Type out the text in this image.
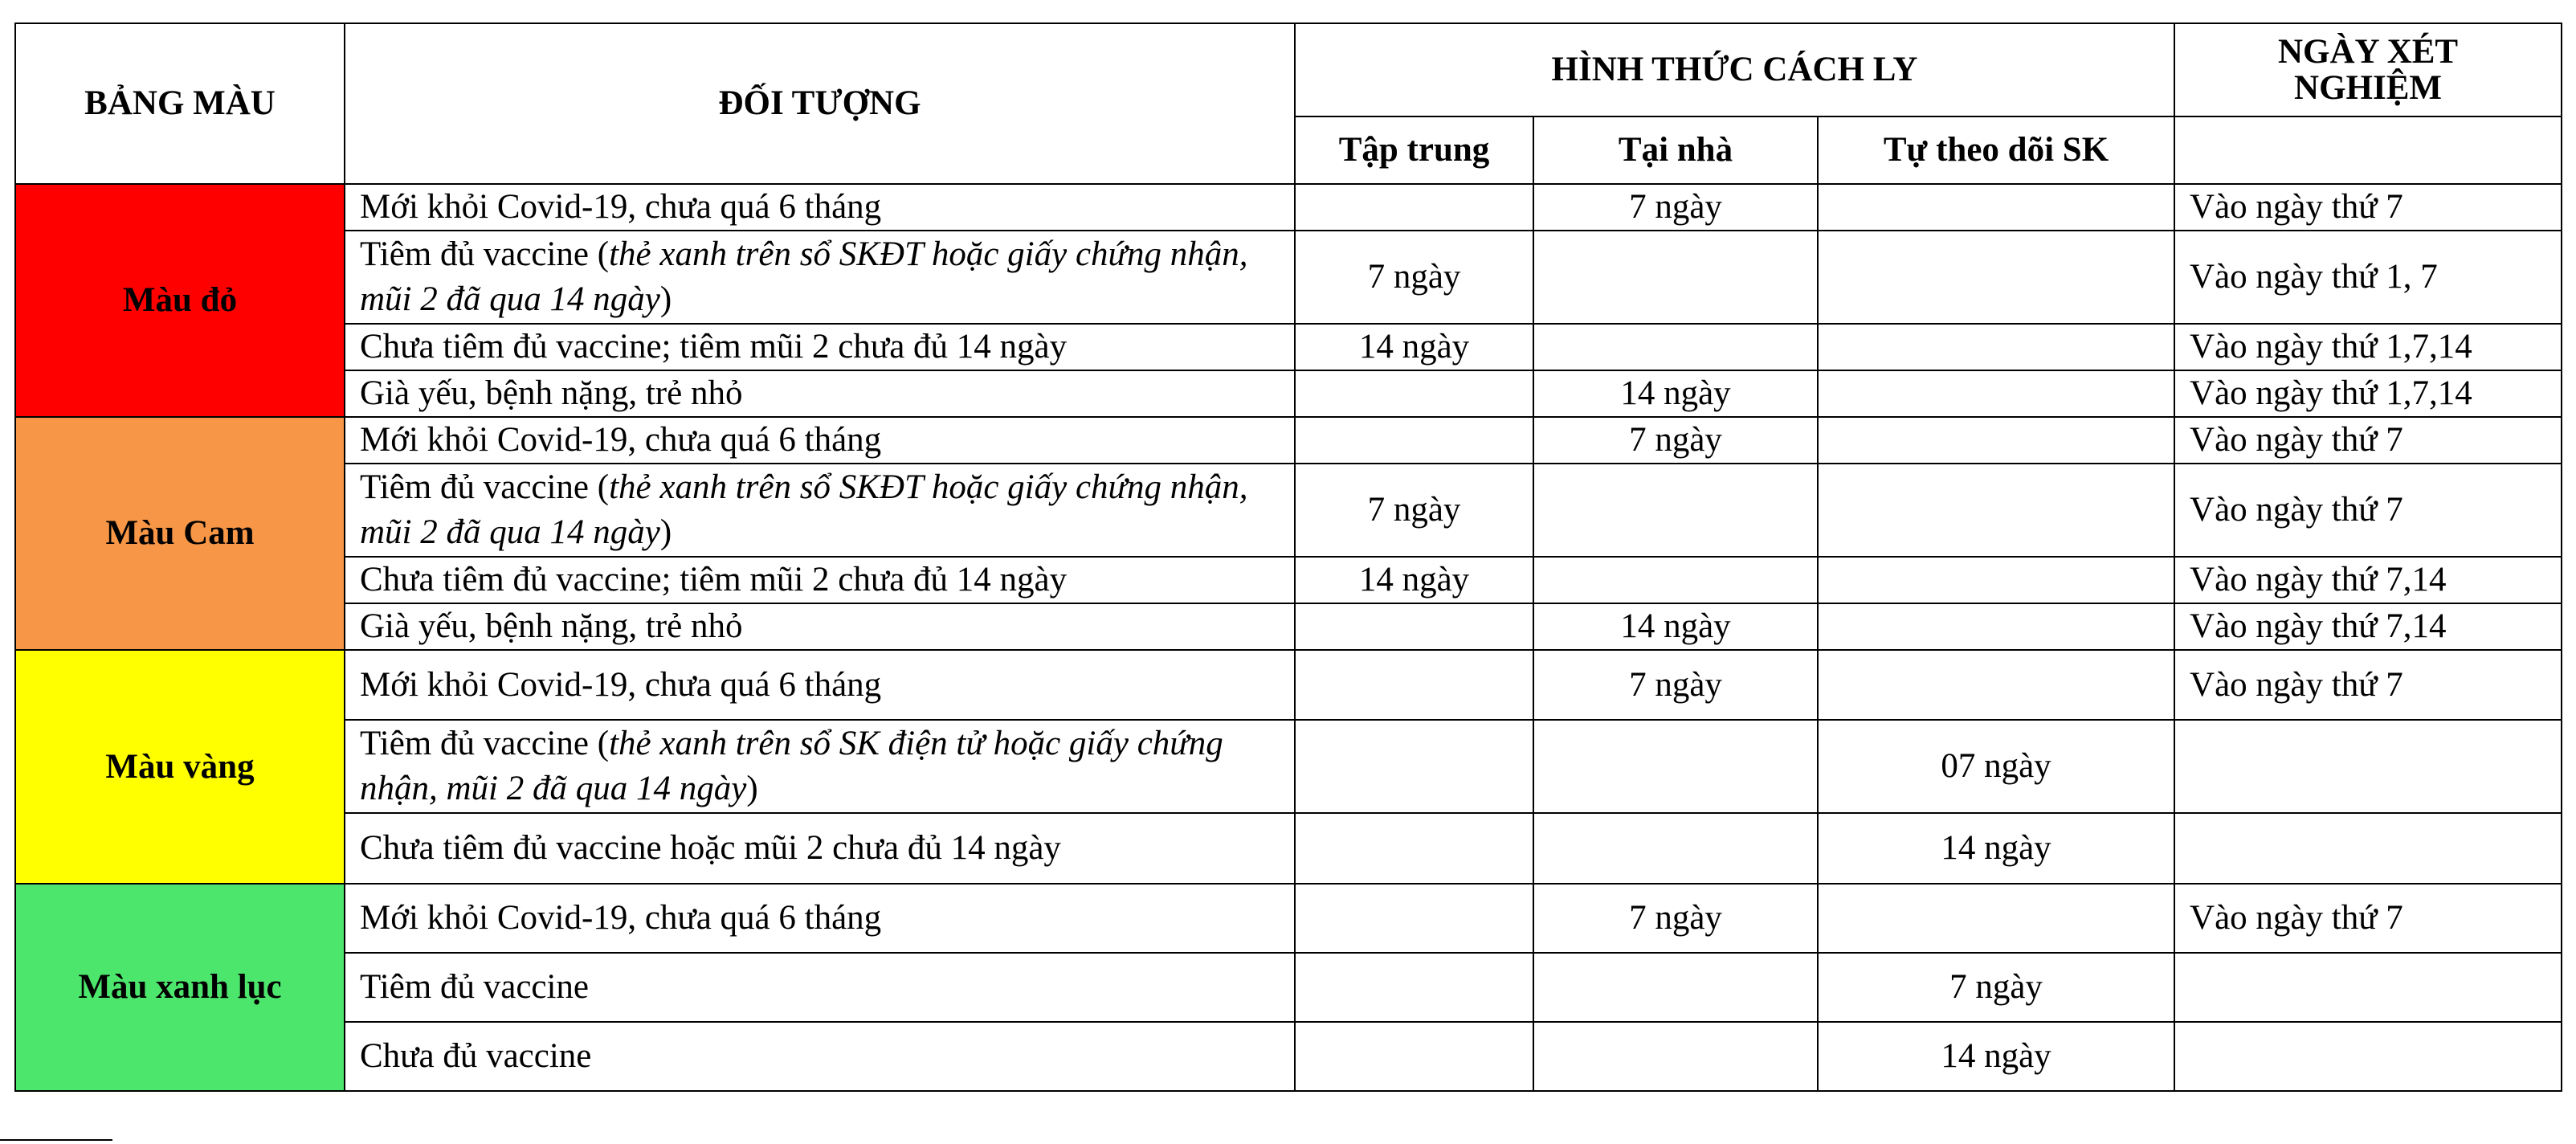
BẢNG MÀU	ĐỐI TƯỢNG	HÌNH THỨC CÁCH LY			NGÀY XÉT
NGHIỆM
		Tập trung	Tại nhà	Tự theo dõi SK	
Màu đỏ	Mới khỏi Covid-19, chưa quá 6 tháng		7 ngày		Vào ngày thứ 7
	Tiêm đủ vaccine (thẻ xanh trên sổ SKĐT hoặc giấy chứng nhận, mũi 2 đã qua 14 ngày)	7 ngày			Vào ngày thứ 1, 7
	Chưa tiêm đủ vaccine; tiêm mũi 2 chưa đủ 14 ngày	14 ngày			Vào ngày thứ 1,7,14
	Già yếu, bệnh nặng, trẻ nhỏ		14 ngày		Vào ngày thứ 1,7,14
Màu Cam	Mới khỏi Covid-19, chưa quá 6 tháng		7 ngày		Vào ngày thứ 7
	Tiêm đủ vaccine (thẻ xanh trên sổ SKĐT hoặc giấy chứng nhận, mũi 2 đã qua 14 ngày)	7 ngày			Vào ngày thứ 7
	Chưa tiêm đủ vaccine; tiêm mũi 2 chưa đủ 14 ngày	14 ngày			Vào ngày thứ 7,14
	Già yếu, bệnh nặng, trẻ nhỏ		14 ngày		Vào ngày thứ 7,14
Màu vàng	Mới khỏi Covid-19, chưa quá 6 tháng		7 ngày		Vào ngày thứ 7
	Tiêm đủ vaccine (thẻ xanh trên sổ SK điện tử hoặc giấy chứng nhận, mũi 2 đã qua 14 ngày)			07 ngày	
	Chưa tiêm đủ vaccine hoặc mũi 2 chưa đủ 14 ngày			14 ngày	
Màu xanh lục	Mới khỏi Covid-19, chưa quá 6 tháng		7 ngày		Vào ngày thứ 7
	Tiêm đủ vaccine			7 ngày	
	Chưa đủ vaccine			14 ngày	
